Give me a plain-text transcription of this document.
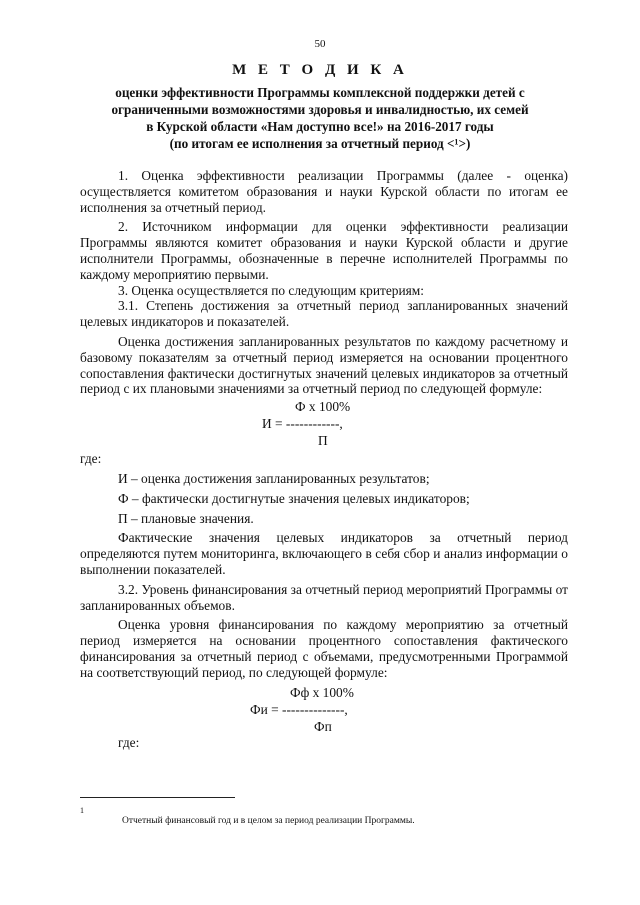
50
М Е Т О Д И К А
оценки эффективности Программы комплексной поддержки детей с
ограниченными возможностями здоровья и инвалидностью, их семей
в Курской области «Нам доступно все!» на 2016-2017 годы
(по итогам ее исполнения за отчетный период <¹>)

1. Оценка эффективности реализации Программы (далее - оценка) осуществляется комитетом образования и науки Курской области по итогам ее исполнения за отчетный период.

2. Источником информации для оценки эффективности реализации Программы являются комитет образования и науки Курской области и другие исполнители Программы, обозначенные в перечне исполнителей Программы по каждому мероприятию первыми.

3. Оценка осуществляется по следующим критериям:

3.1. Степень достижения за отчетный период запланированных значений целевых индикаторов и показателей.

Оценка достижения запланированных результатов по каждому расчетному и базовому показателям за отчетный период измеряется на основании процентного сопоставления фактически достигнутых значений целевых индикаторов за отчетный период с их плановыми значениями за отчетный период по следующей формуле:

Ф х 100%
И = ------------,
П

где:

И – оценка достижения запланированных результатов;

Ф – фактически достигнутые значения целевых индикаторов;

П – плановые значения.

Фактические значения целевых индикаторов за отчетный период определяются путем мониторинга, включающего в себя сбор и анализ информации о выполнении показателей.

3.2. Уровень финансирования за отчетный период мероприятий Программы от запланированных объемов.

Оценка уровня финансирования по каждому мероприятию за отчетный период измеряется на основании процентного сопоставления фактического финансирования за отчетный период с объемами, предусмотренными Программой на соответствующий период, по следующей формуле:

Фф х 100%
Фи = --------------,
Фп

где:

1
Отчетный финансовый год и в целом за период реализации Программы.
